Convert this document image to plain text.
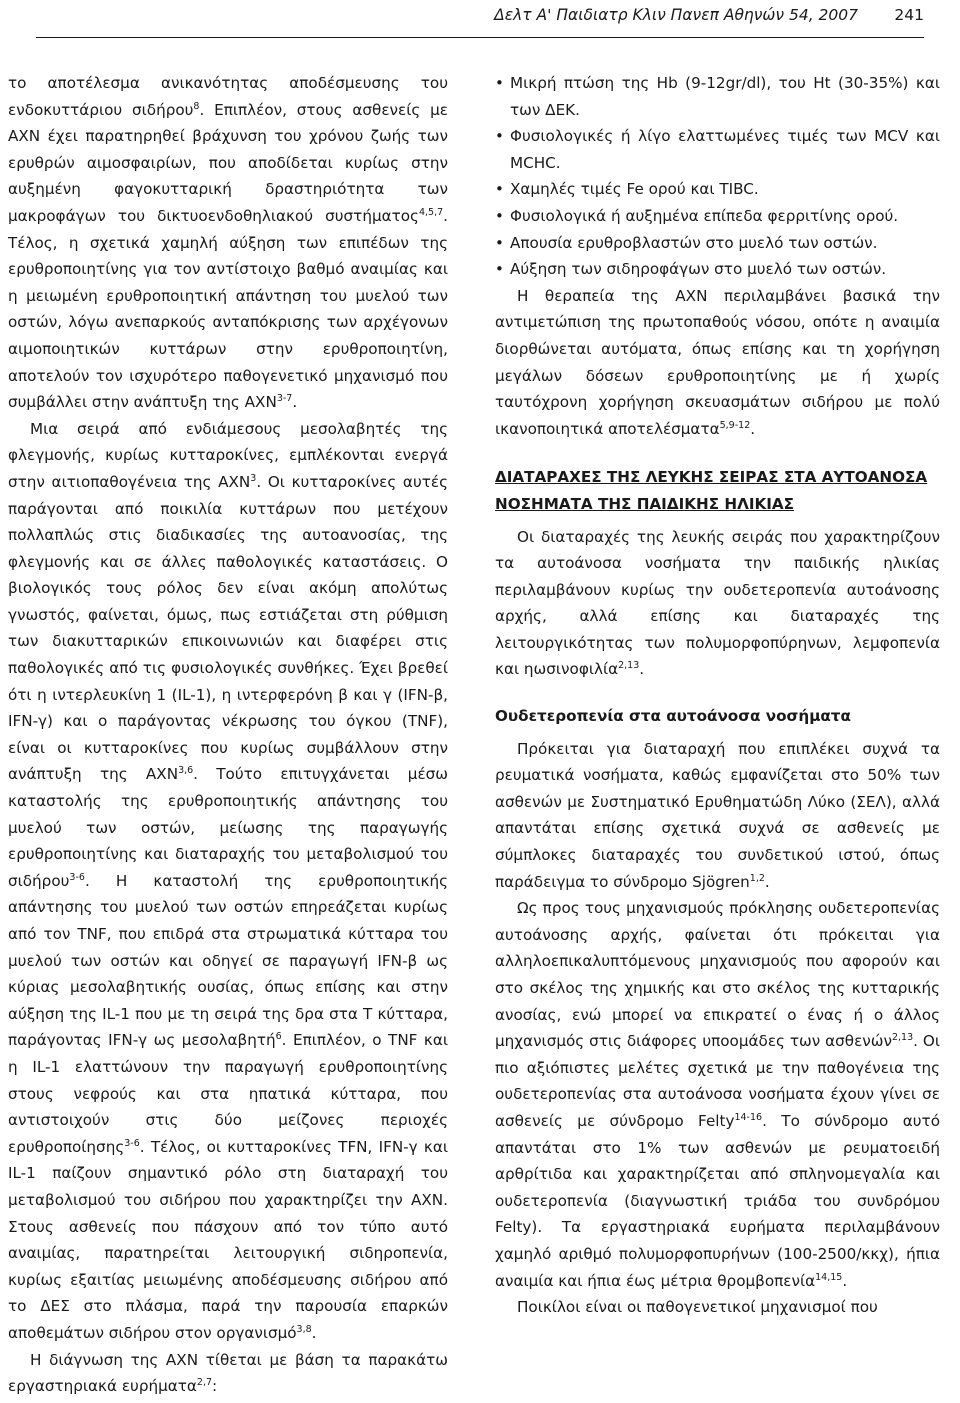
Δελτ Α' Παιδιατρ Κλιν Πανεπ Αθηνών 54, 2007 241

το αποτέλεσμα ανικανότητας αποδέσμευσης του ενδοκυττάριου σιδήρου$^8$. Επιπλέον, στους ασθενείς με ΑΧΝ έχει παρατηρηθεί βράχυνση του χρόνου ζωής των ερυθρών αιμοσφαιρίων, που αποδίδεται κυρίως στην αυξημένη φαγοκυτταρική δραστηριότητα των μακροφάγων του δικτυοενδοθηλιακού συστήματος$^{4,5,7}$. Τέλος, η σχετικά χαμηλή αύξηση των επιπέδων της ερυθροποιητίνης για τον αντίστοιχο βαθμό αναιμίας και η μειωμένη ερυθροποιητική απάντηση του μυελού των οστών, λόγω ανεπαρκούς ανταπόκρισης των αρχέγονων αιμοποιητικών κυττάρων στην ερυθροποιητίνη, αποτελούν τον ισχυρότερο παθογενετικό μηχανισμό που συμβάλλει στην ανάπτυξη της ΑΧΝ$^{3-7}$.

Μια σειρά από ενδιάμεσους μεσολαβητές της φλεγμονής, κυρίως κυτταροκίνες, εμπλέκονται ενεργά στην αιτιοπαθογένεια της ΑΧΝ$^3$. Οι κυτταροκίνες αυτές παράγονται από ποικιλία κυττάρων που μετέχουν πολλαπλώς στις διαδικασίες της αυτοανοσίας, της φλεγμονής και σε άλλες παθολογικές καταστάσεις. Ο βιολογικός τους ρόλος δεν είναι ακόμη απολύτως γνωστός, φαίνεται, όμως, πως εστιάζεται στη ρύθμιση των διακυτταρικών επικοινωνιών και διαφέρει στις παθολογικές από τις φυσιολογικές συνθήκες. Έχει βρεθεί ότι η ιντερλευκίνη 1 (IL-1), η ιντερφερόνη β και γ (IFN-β, IFN-γ) και ο παράγοντας νέκρωσης του όγκου (TNF), είναι οι κυτταροκίνες που κυρίως συμβάλλουν στην ανάπτυξη της ΑΧΝ$^{3,6}$. Τούτο επιτυγχάνεται μέσω καταστολής της ερυθροποιητικής απάντησης του μυελού των οστών, μείωσης της παραγωγής ερυθροποιητίνης και διαταραχής του μεταβολισμού του σιδήρου$^{3-6}$. Η καταστολή της ερυθροποιητικής απάντησης του μυελού των οστών επηρεάζεται κυρίως από τον TNF, που επιδρά στα στρωματικά κύτταρα του μυελού των οστών και οδηγεί σε παραγωγή IFN-β ως κύριας μεσολαβητικής ουσίας, όπως επίσης και στην αύξηση της IL-1 που με τη σειρά της δρα στα Τ κύτταρα, παράγοντας IFN-γ ως μεσολαβητή$^6$. Επιπλέον, ο TNF και η IL-1 ελαττώνουν την παραγωγή ερυθροποιητίνης στους νεφρούς και στα ηπατικά κύτταρα, που αντιστοιχούν στις δύο μείζονες περιοχές ερυθροποίησης$^{3-6}$. Τέλος, οι κυτταροκίνες TFN, IFN-γ και IL-1 παίζουν σημαντικό ρόλο στη διαταραχή του μεταβολισμού του σιδήρου που χαρακτηρίζει την ΑΧΝ. Στους ασθενείς που πάσχουν από τον τύπο αυτό αναιμίας, παρατηρείται λειτουργική σιδηροπενία, κυρίως εξαιτίας μειωμένης αποδέσμευσης σιδήρου από το ΔΕΣ στο πλάσμα, παρά την παρουσία επαρκών αποθεμάτων σιδήρου στον οργανισμό$^{3,8}$.

Η διάγνωση της ΑΧΝ τίθεται με βάση τα παρακάτω εργαστηριακά ευρήματα$^{2,7}$:

• Μικρή πτώση της Hb (9-12gr/dl), του Ht (30-35%) και των ΔΕΚ.
• Φυσιολογικές ή λίγο ελαττωμένες τιμές των MCV και MCHC.
• Χαμηλές τιμές Fe ορού και TIBC.
• Φυσιολογικά ή αυξημένα επίπεδα φερριτίνης ορού.
• Απουσία ερυθροβλαστών στο μυελό των οστών.
• Αύξηση των σιδηροφάγων στο μυελό των οστών.

Η θεραπεία της ΑΧΝ περιλαμβάνει βασικά την αντιμετώπιση της πρωτοπαθούς νόσου, οπότε η αναιμία διορθώνεται αυτόματα, όπως επίσης και τη χορήγηση μεγάλων δόσεων ερυθροποιητίνης με ή χωρίς ταυτόχρονη χορήγηση σκευασμάτων σιδήρου με πολύ ικανοποιητικά αποτελέσματα$^{5,9-12}$.

ΔΙΑΤΑΡΑΧΕΣ ΤΗΣ ΛΕΥΚΗΣ ΣΕΙΡΑΣ ΣΤΑ ΑΥΤΟΑΝΟΣΑ ΝΟΣΗΜΑΤΑ ΤΗΣ ΠΑΙΔΙΚΗΣ ΗΛΙΚΙΑΣ

Οι διαταραχές της λευκής σειράς που χαρακτηρίζουν τα αυτοάνοσα νοσήματα την παιδικής ηλικίας περιλαμβάνουν κυρίως την ουδετεροπενία αυτοάνοσης αρχής, αλλά επίσης και διαταραχές της λειτουργικότητας των πολυμορφοπύρηνων, λεμφοπενία και ηωσινοφιλία$^{2,13}$.

Ουδετεροπενία στα αυτοάνοσα νοσήματα

Πρόκειται για διαταραχή που επιπλέκει συχνά τα ρευματικά νοσήματα, καθώς εμφανίζεται στο 50% των ασθενών με Συστηματικό Ερυθηματώδη Λύκο (ΣΕΛ), αλλά απαντάται επίσης σχετικά συχνά σε ασθενείς με σύμπλοκες διαταραχές του συνδετικού ιστού, όπως παράδειγμα το σύνδρομο Sjögren$^{1,2}$.

Ως προς τους μηχανισμούς πρόκλησης ουδετεροπενίας αυτοάνοσης αρχής, φαίνεται ότι πρόκειται για αλληλοεπικαλυπτόμενους μηχανισμούς που αφορούν και στο σκέλος της χημικής και στο σκέλος της κυτταρικής ανοσίας, ενώ μπορεί να επικρατεί ο ένας ή ο άλλος μηχανισμός στις διάφορες υποομάδες των ασθενών$^{2,13}$. Οι πιο αξιόπιστες μελέτες σχετικά με την παθογένεια της ουδετεροπενίας στα αυτοάνοσα νοσήματα έχουν γίνει σε ασθενείς με σύνδρομο Felty$^{14-16}$. Το σύνδρομο αυτό απαντάται στο 1% των ασθενών με ρευματοειδή αρθρίτιδα και χαρακτηρίζεται από σπληνομεγαλία και ουδετεροπενία (διαγνωστική τριάδα του συνδρόμου Felty). Τα εργαστηριακά ευρήματα περιλαμβάνουν χαμηλό αριθμό πολυμορφοπυρήνων (100-2500/κκχ), ήπια αναιμία και ήπια έως μέτρια θρομβοπενία$^{14,15}$.

Ποικίλοι είναι οι παθογενετικοί μηχανισμοί που
